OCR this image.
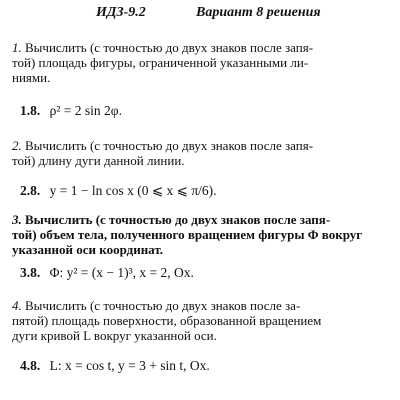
ИДЗ-9.2	Вариант 8 решения
1. Вычислить (с точностью до двух знаков после запя-
той) площадь фигуры, ограниченной указанными ли-
ниями.
1.8. ρ² = 2 sin 2φ.
2. Вычислить (с точностью до двух знаков после запя-
той) длину дуги данной линии.
2.8. y = 1 − ln cos x (0 ⩽ x ⩽ π/6).
3. Вычислить (с точностью до двух знаков после запя-
той) объем тела, полученного вращением фигуры Φ вокруг
указанной оси координат.
3.8. Φ: y² = (x − 1)³, x = 2, Ox.
4. Вычислить (с точностью до двух знаков после за-
пятой) площадь поверхности, образованной вращением
дуги кривой L вокруг указанной оси.
4.8. L: x = cos t, y = 3 + sin t, Ox.
